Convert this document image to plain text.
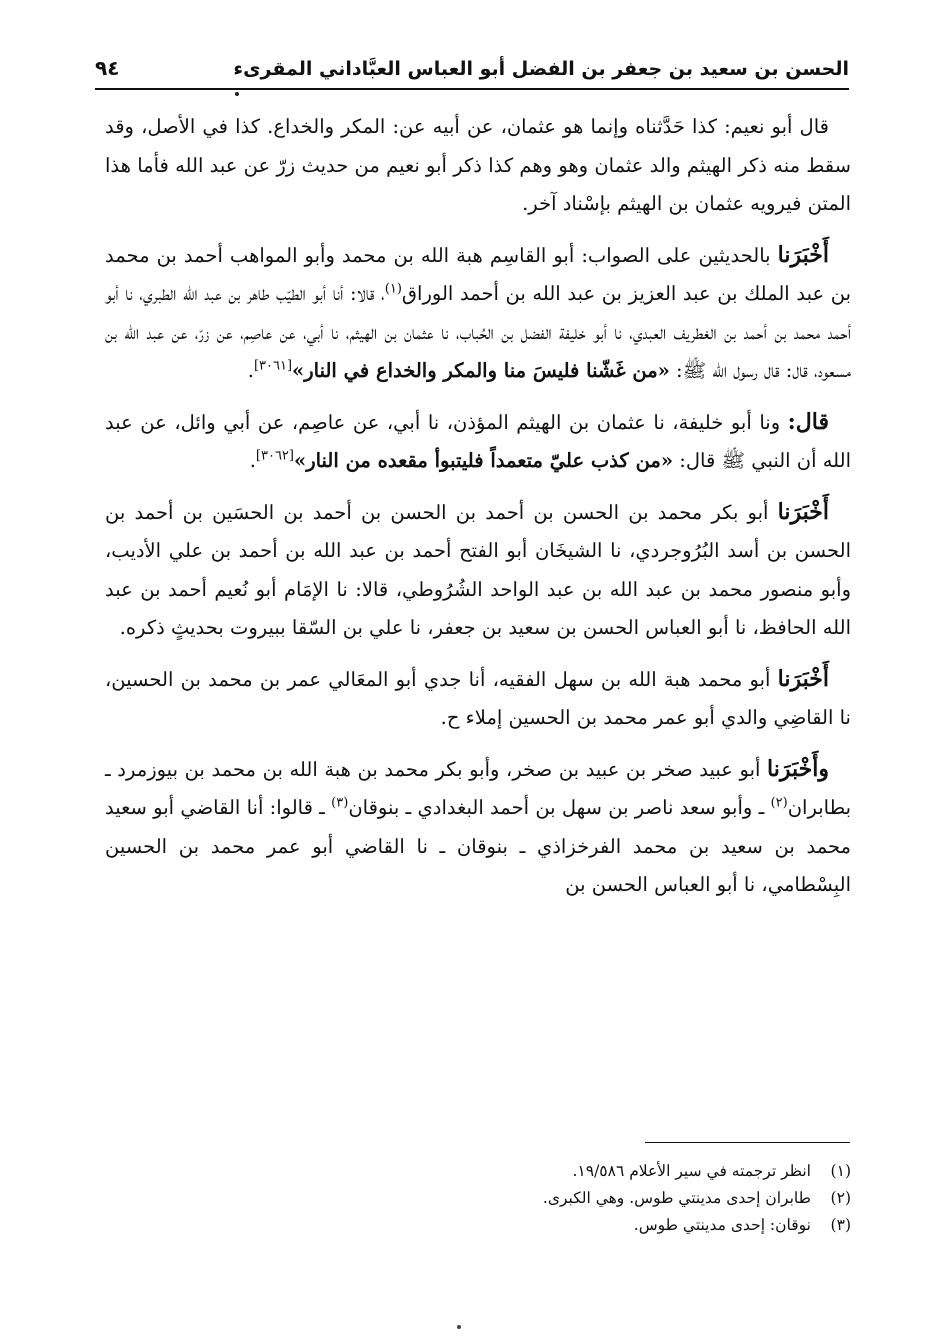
الحسن بن سعيد بن جعفر بن الفضل أبو العباس العبَّاداني المقرىء
٩٤

قال أبو نعيم: كذا حَدَّثناه وإنما هو عثمان، عن أبيه عن: المكر والخداع. كذا في الأصل، وقد سقط منه ذكر الهيثم والد عثمان وهو وهم كذا ذكر أبو نعيم من حديث زرّ عن عبد الله فأما هذا المتن فيرويه عثمان بن الهيثم بإسْناد آخر.

أَخْبَرَنا بالحديثين على الصواب: أبو القاسِم هبة الله بن محمد وأبو المواهب أحمد بن محمد بن عبد الملك بن عبد العزيز بن عبد الله بن أحمد الوراق$^{(١)}$، قالا: أنا أبو الطيّب طاهر بن عبد الله الطبري، نا أبو أحمد محمد بن أحمد بن الغطريف العبدي، نا أبو خليفة الفضل بن الحُباب، نا عثمان بن الهيثم، نا أبي، عن عاصِم، عن زرّ، عن عبد الله بن مسعود، قال: قال رسول الله ﷺ: «من غَشّنا فليسَ منا والمكر والخداع في النار»[٣٠٦١].

قال: ونا أبو خليفة، نا عثمان بن الهيثم المؤذن، نا أبي، عن عاصِم، عن أبي وائل، عن عبد الله أن النبي ﷺ قال: «من كذب عليّ متعمداً فليتبوأ مقعده من النار»[٣٠٦٢].

أَخْبَرَنا أبو بكر محمد بن الحسن بن أحمد بن الحسن بن أحمد بن الحسَين بن أحمد بن الحسن بن أسد البُرُوجردي، نا الشيخَان أبو الفتح أحمد بن عبد الله بن أحمد بن علي الأديب، وأبو منصور محمد بن عبد الله بن عبد الواحد الشُرُوطي، قالا: نا الإمَام أبو نُعيم أحمد بن عبد الله الحافظ، نا أبو العباس الحسن بن سعيد بن جعفر، نا علي بن السّقا ببيروت بحديثٍ ذكره.

أَخْبَرَنا أبو محمد هبة الله بن سهل الفقيه، أنا جدي أبو المعَالي عمر بن محمد بن الحسين، نا القاضِي والدي أبو عمر محمد بن الحسين إملاء ح.

وأَخْبَرَنا أبو عبيد صخر بن عبيد بن صخر، وأبو بكر محمد بن هبة الله بن محمد بن بيوزمرد ـ بطابران$^{(٢)}$ ـ وأبو سعد ناصر بن سهل بن أحمد البغدادي ـ بنوقان$^{(٣)}$ ـ قالوا: أنا القاضي أبو سعيد محمد بن سعيد بن محمد الفرخزاذي ـ بنوقان ـ نا القاضي أبو عمر محمد بن الحسين البِسْطامي، نا أبو العباس الحسن بن

(١)
انظر ترجمته في سير الأعلام ١٩/٥٨٦.
(٢)
طابران إحدى مدينتي طوس. وهي الكبرى.
(٣)
نوقان: إحدى مدينتي طوس.
